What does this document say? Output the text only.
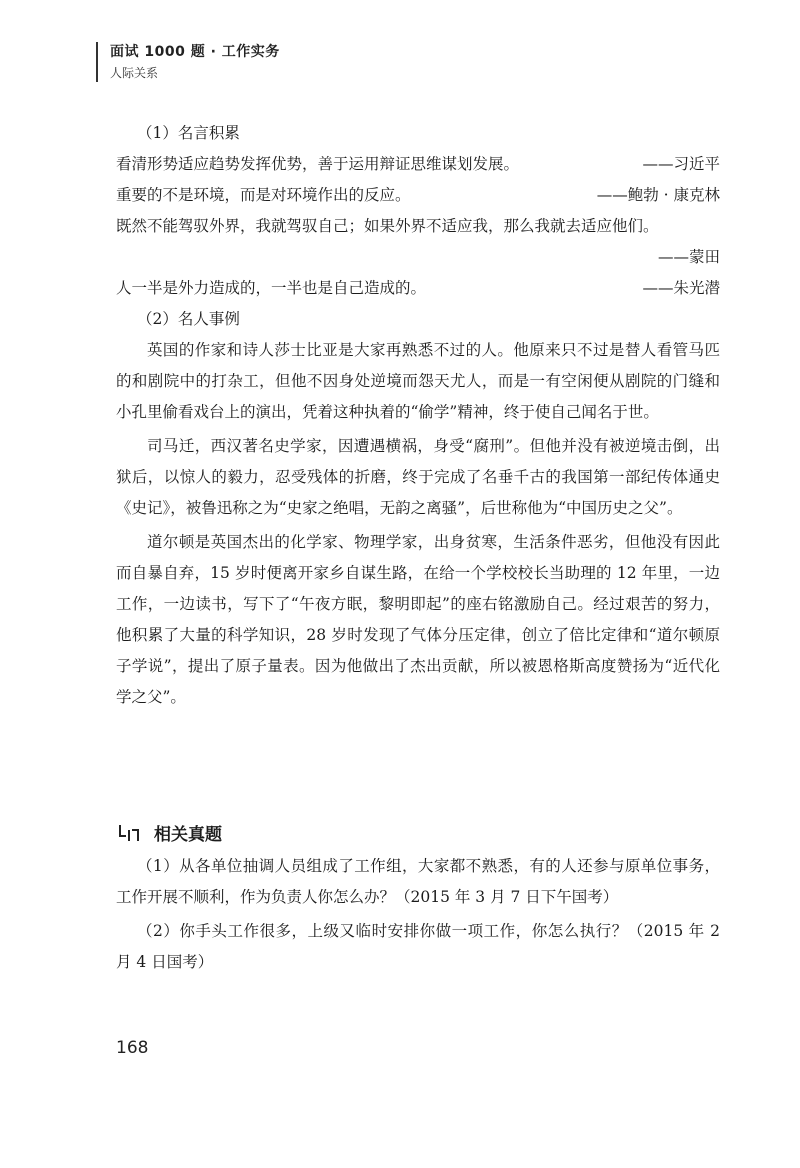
面试 1000 题 · 工作实务
人际关系

（1）名言积累

看清形势适应趋势发挥优势，善于运用辩证思维谋划发展。	——习近平
重要的不是环境，而是对环境作出的反应。	——鲍勃 · 康克林

既然不能驾驭外界，我就驾驭自己；如果外界不适应我，那么我就去适应他们。

——蒙田

人一半是外力造成的，一半也是自己造成的。	——朱光潜

（2）名人事例

英国的作家和诗人莎士比亚是大家再熟悉不过的人。他原来只不过是替人看管马匹的和剧院中的打杂工，但他不因身处逆境而怨天尤人，而是一有空闲便从剧院的门缝和小孔里偷看戏台上的演出，凭着这种执着的“偷学”精神，终于使自己闻名于世。

司马迁，西汉著名史学家，因遭遇横祸，身受“腐刑”。但他并没有被逆境击倒，出狱后，以惊人的毅力，忍受残体的折磨，终于完成了名垂千古的我国第一部纪传体通史《史记》，被鲁迅称之为“史家之绝唱，无韵之离骚”，后世称他为“中国历史之父”。

道尔顿是英国杰出的化学家、物理学家，出身贫寒，生活条件恶劣，但他没有因此而自暴自弃，15 岁时便离开家乡自谋生路，在给一个学校校长当助理的 12 年里，一边工作，一边读书，写下了“午夜方眠，黎明即起”的座右铭激励自己。经过艰苦的努力，他积累了大量的科学知识，28 岁时发现了气体分压定律，创立了倍比定律和“道尔顿原子学说”，提出了原子量表。因为他做出了杰出贡献，所以被恩格斯高度赞扬为“近代化学之父”。

相关真题

（1）从各单位抽调人员组成了工作组，大家都不熟悉，有的人还参与原单位事务，工作开展不顺利，作为负责人你怎么办？（2015 年 3 月 7 日下午国考）

（2）你手头工作很多，上级又临时安排你做一项工作，你怎么执行？（2015 年 2 月 4 日国考）

168
